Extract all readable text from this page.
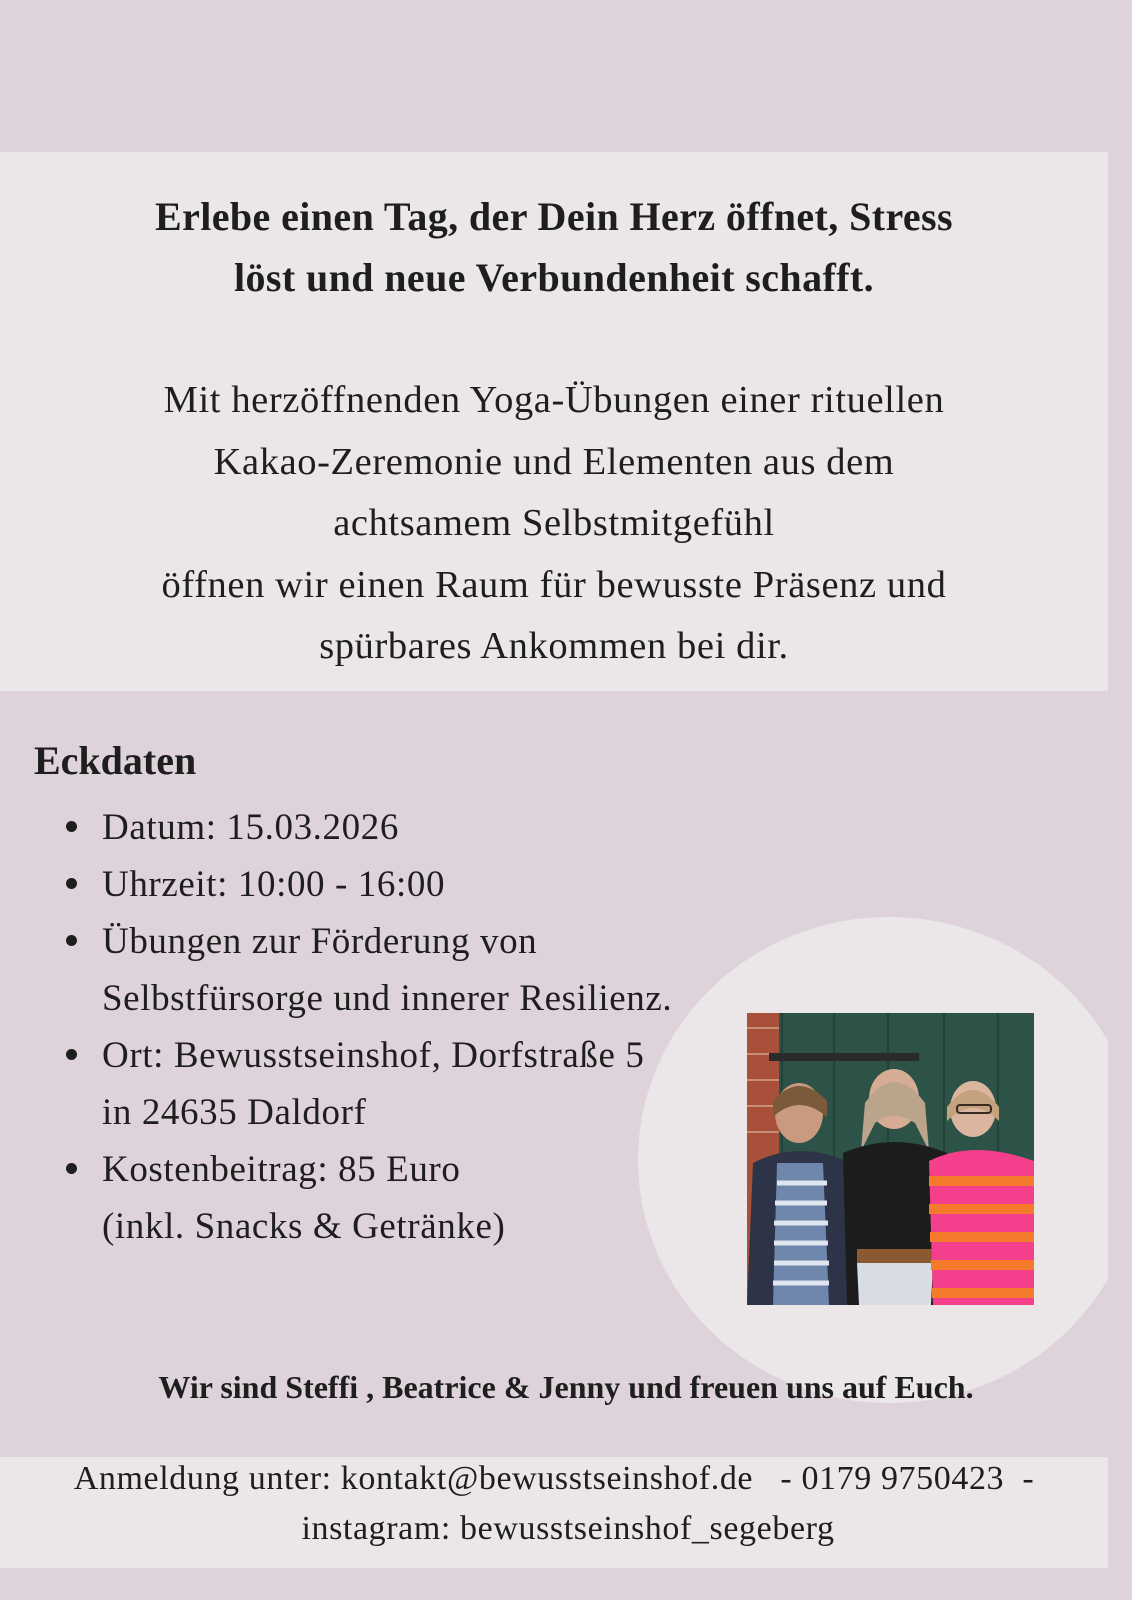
Erlebe einen Tag, der Dein Herz öffnet, Stress
löst und neue Verbundenheit schafft.

Mit herzöffnenden Yoga-Übungen einer rituellen
Kakao-Zeremonie und Elementen aus dem
achtsamem Selbstmitgefühl
öffnen wir einen Raum für bewusste Präsenz und
spürbares Ankommen bei dir.

Eckdaten
Datum: 15.03.2026
Uhrzeit: 10:00 - 16:00
Übungen zur Förderung von
Selbstfürsorge und innerer Resilienz.
Ort: Bewusstseinshof, Dorfstraße 5
in 24635 Daldorf
Kostenbeitrag: 85 Euro
(inkl. Snacks & Getränke)

Wir sind Steffi , Beatrice & Jenny und freuen uns auf Euch.

Anmeldung unter: kontakt@bewusstseinshof.de   - 0179 9750423  -

instagram: bewusstseinshof_segeberg
